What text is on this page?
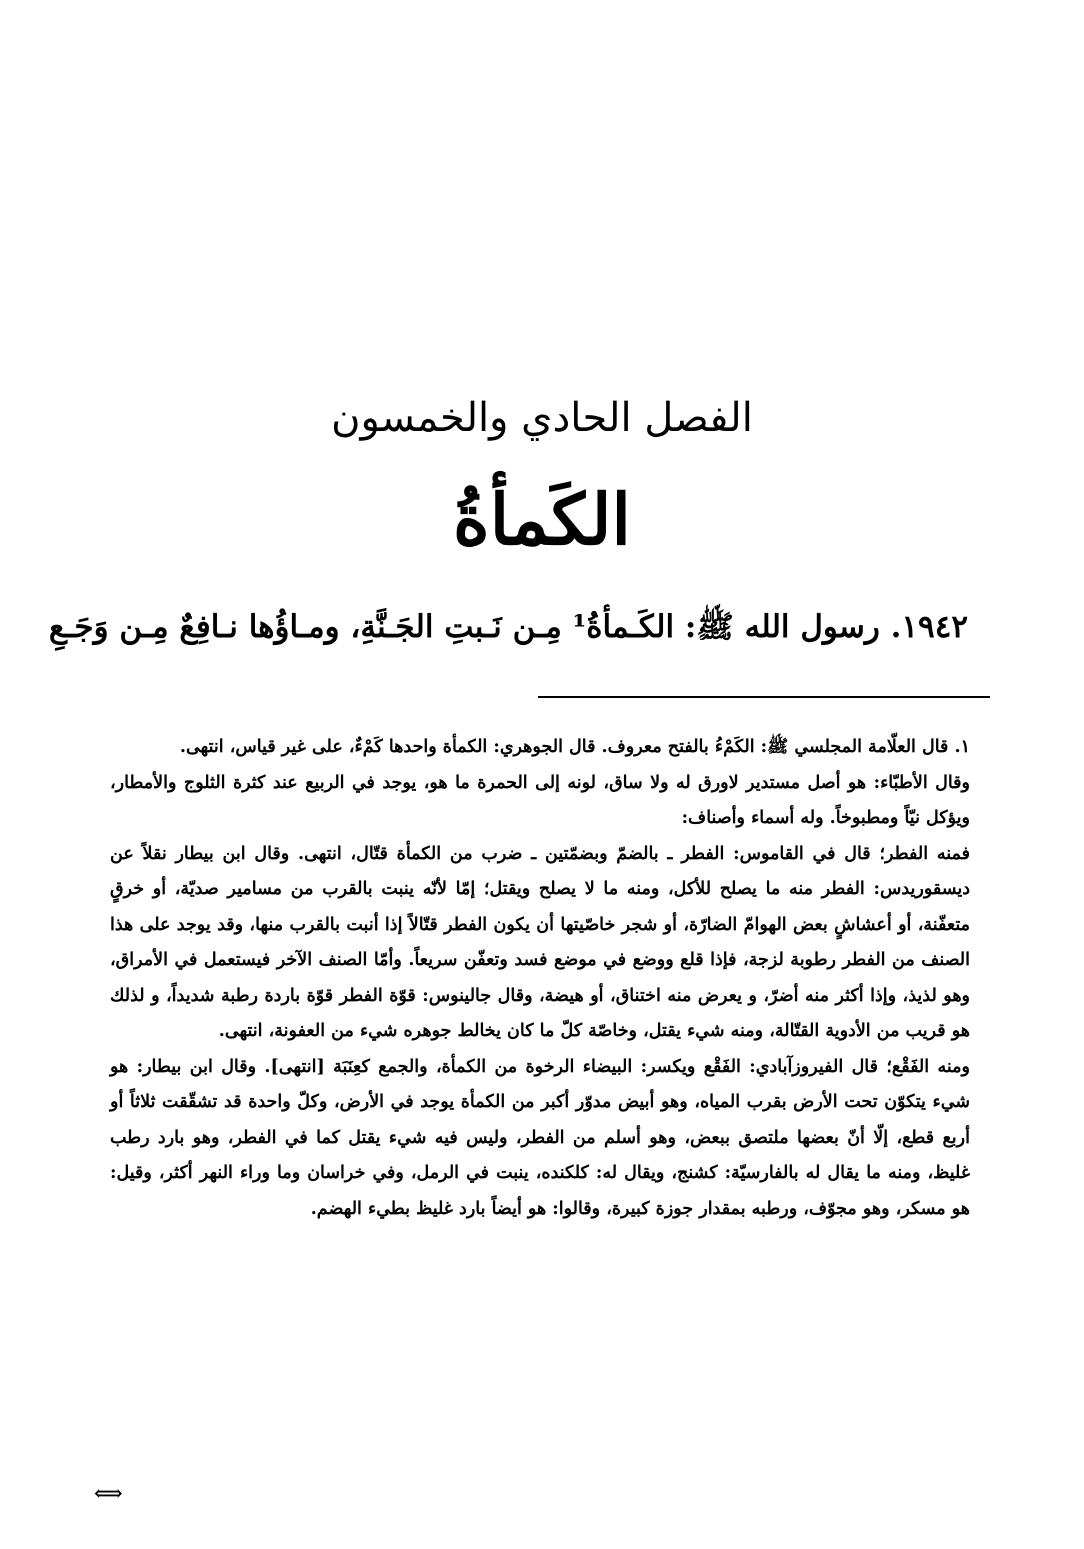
الفصل الحادي والخمسون
الكَمأةُ
١٩٤٢. رسول الله ﷺ: الكَـمأةُ¹ مِـن نَـبتِ الجَـنَّةِ، ومـاؤُها نـافِعٌ مِـن وَجَـعِ

١. قال العلّامة المجلسي ﷺ: الكَمْءُ بالفتح معروف. قال الجوهري: الكمأة واحدها كَمْءٌ، على غير قياس، انتهى.

وقال الأطبّاء: هو أصل مستدير لاورق له ولا ساق، لونه إلى الحمرة ما هو، يوجد في الربيع عند كثرة الثلوج والأمطار، ويؤكل نيّاً ومطبوخاً. وله أسماء وأصناف:

فمنه الفطر؛ قال في القاموس: الفطر ـ بالضمّ وبضمّتين ـ ضرب من الكمأة قتّال، انتهى. وقال ابن بيطار نقلاً عن ديسقوريدس: الفطر منه ما يصلح للأكل، ومنه ما لا يصلح ويقتل؛ إمّا لأنّه ينبت بالقرب من مسامير صديّة، أو خرقٍ متعفّنة، أو أعشاشٍ بعض الهوامّ الضارّة، أو شجر خاصّيتها أن يكون الفطر قتّالاً إذا أنبت بالقرب منها، وقد يوجد على هذا الصنف من الفطر رطوبة لزجة، فإذا قلع ووضع في موضع فسد وتعفّن سريعاً. وأمّا الصنف الآخر فيستعمل في الأمراق، وهو لذيذ، وإذا أكثر منه أضرّ، و يعرض منه اختناق، أو هيضة، وقال جالينوس: قوّة الفطر قوّة باردة رطبة شديداً، و لذلك هو قريب من الأدوية القتّالة، ومنه شيء يقتل، وخاصّة كلّ ما كان يخالط جوهره شيء من العفونة، انتهى.

ومنه الفَقْع؛ قال الفيروزآبادي: الفَقْع ويكسر: البيضاء الرخوة من الكمأة، والجمع كعِنَبَة [انتهى]. وقال ابن بيطار: هو شيء يتكوّن تحت الأرض بقرب المياه، وهو أبيض مدوّر أكبر من الكمأة يوجد في الأرض، وكلّ واحدة قد تشقّقت ثلاثاً أو أربع قطع، إلّا أنّ بعضها ملتصق ببعض، وهو أسلم من الفطر، وليس فيه شيء يقتل كما في الفطر، وهو بارد رطب غليظ، ومنه ما يقال له بالفارسيّة: كشنج، ويقال له: كلكنده، ينبت في الرمل، وفي خراسان وما وراء النهر أكثر، وقيل: هو مسكر، وهو مجوّف، ورطبه بمقدار جوزة كبيرة، وقالوا: هو أيضاً بارد غليظ بطيء الهضم.

⟺
